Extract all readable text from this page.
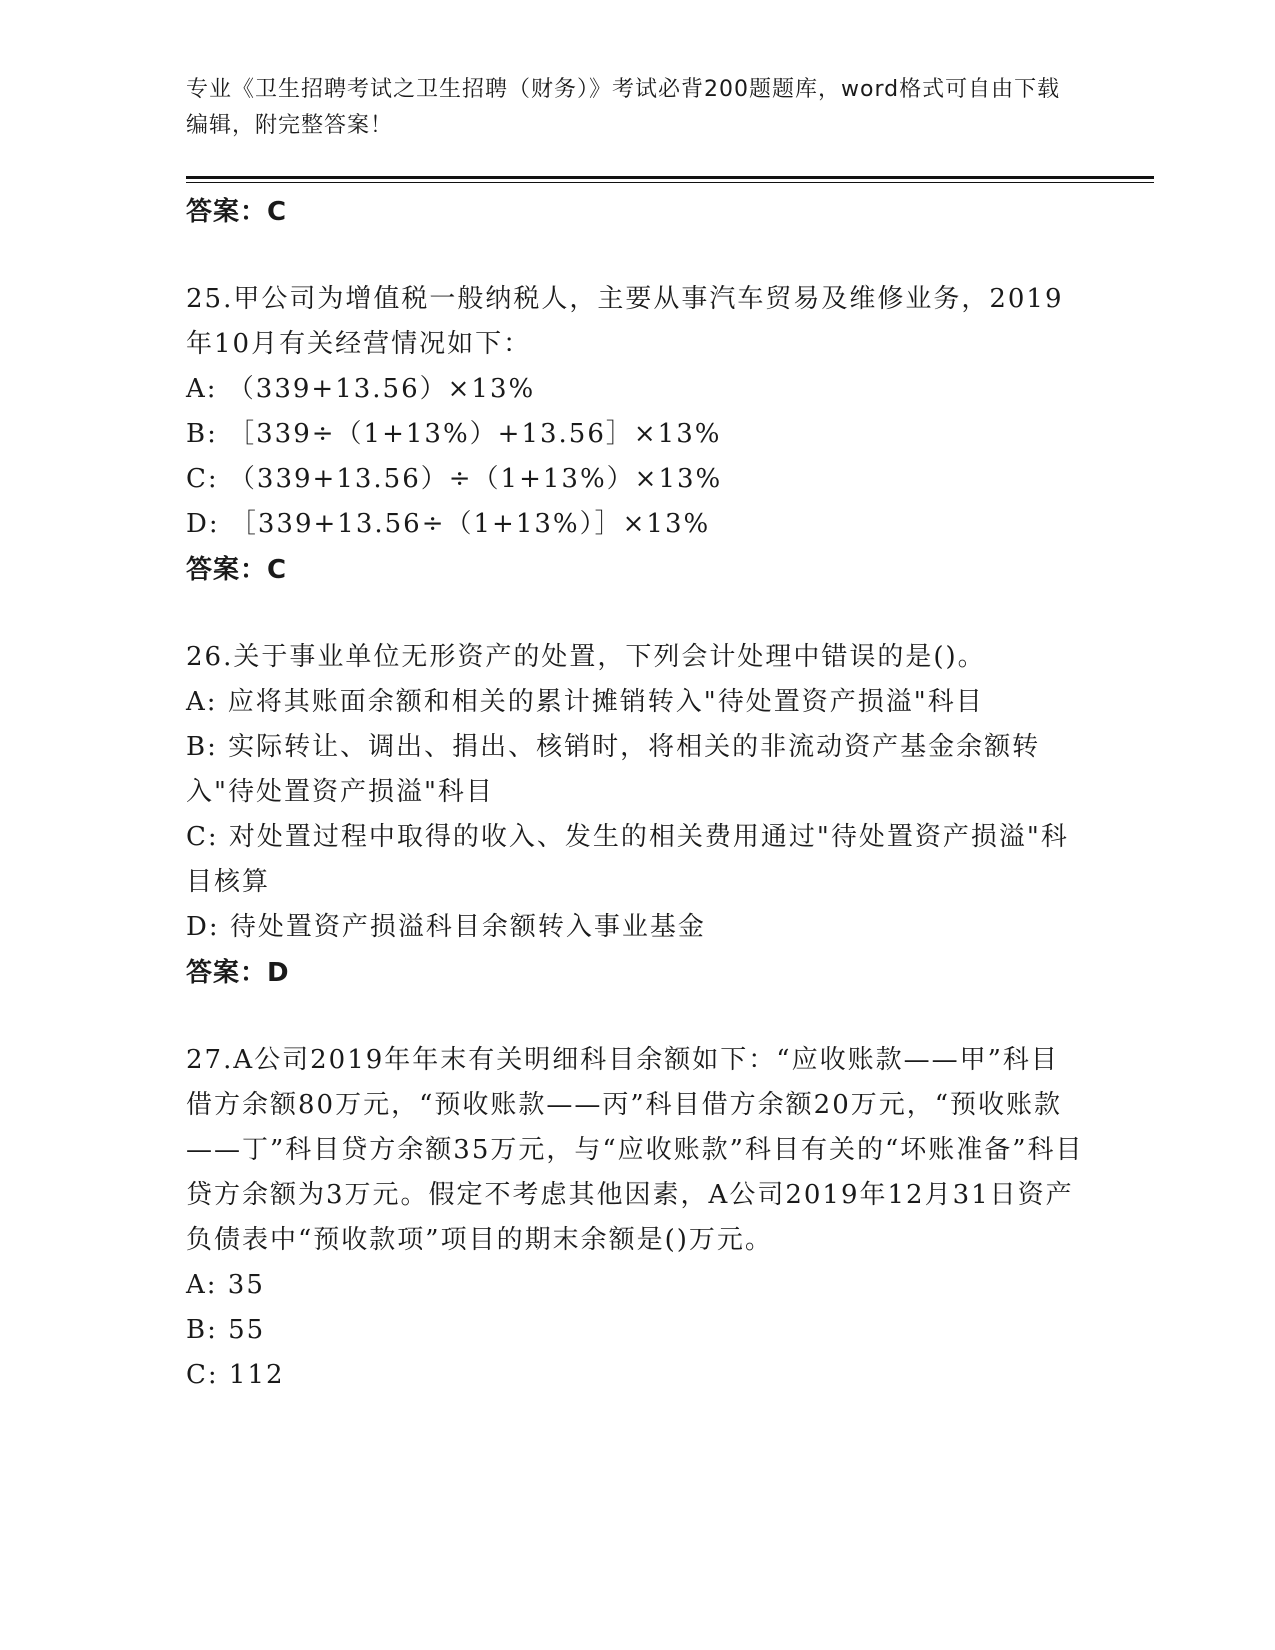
专业《卫生招聘考试之卫生招聘（财务）》考试必背200题题库，word格式可自由下载编辑，附完整答案！
答案：C
25.甲公司为增值税一般纳税人，主要从事汽车贸易及维修业务，2019年10月有关经营情况如下：
A: （339+13.56）×13%
B: ［339÷（1+13%）+13.56］×13%
C: （339+13.56）÷（1+13%）×13%
D: ［339+13.56÷（1+13%）］×13%
答案：C
26.关于事业单位无形资产的处置，下列会计处理中错误的是()。
A: 应将其账面余额和相关的累计摊销转入"待处置资产损溢"科目
B: 实际转让、调出、捐出、核销时，将相关的非流动资产基金余额转入"待处置资产损溢"科目
C: 对处置过程中取得的收入、发生的相关费用通过"待处置资产损溢"科目核算
D: 待处置资产损溢科目余额转入事业基金
答案：D
27.A公司2019年年末有关明细科目余额如下：“应收账款——甲”科目借方余额80万元，“预收账款——丙”科目借方余额20万元，“预收账款——丁”科目贷方余额35万元，与“应收账款”科目有关的“坏账准备”科目贷方余额为3万元。假定不考虑其他因素，A公司2019年12月31日资产负债表中“预收款项”项目的期末余额是()万元。
A: 35
B: 55
C: 112
